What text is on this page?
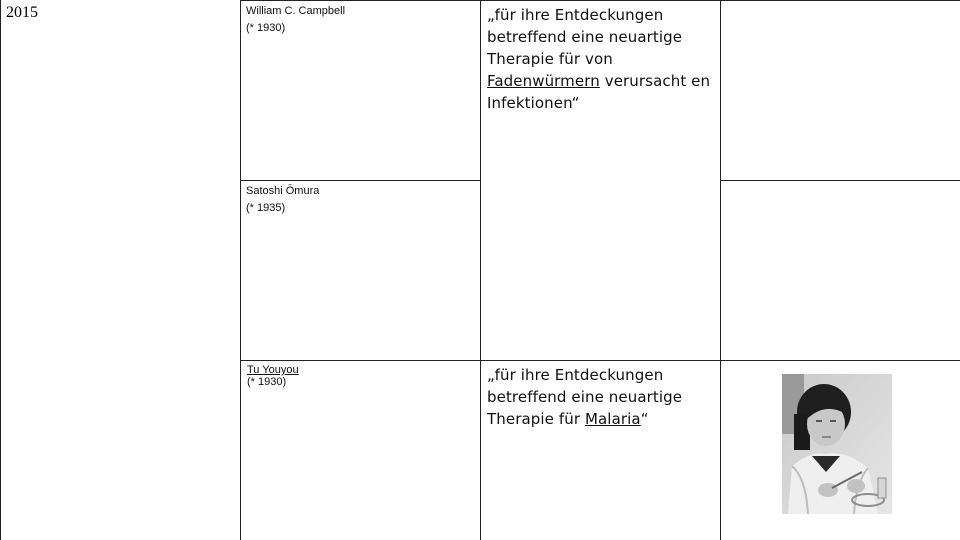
2015	William C. Campbell
(* 1930)
Satoshi Ōmura
(* 1935)
Tu Youyou
(* 1930)
„für ihre Entdeckungen betreffend eine neuartige Therapie für von Fadenwürmern verursacht en Infektionen“
„für ihre Entdeckungen betreffend eine neuartige Therapie für Malaria“
